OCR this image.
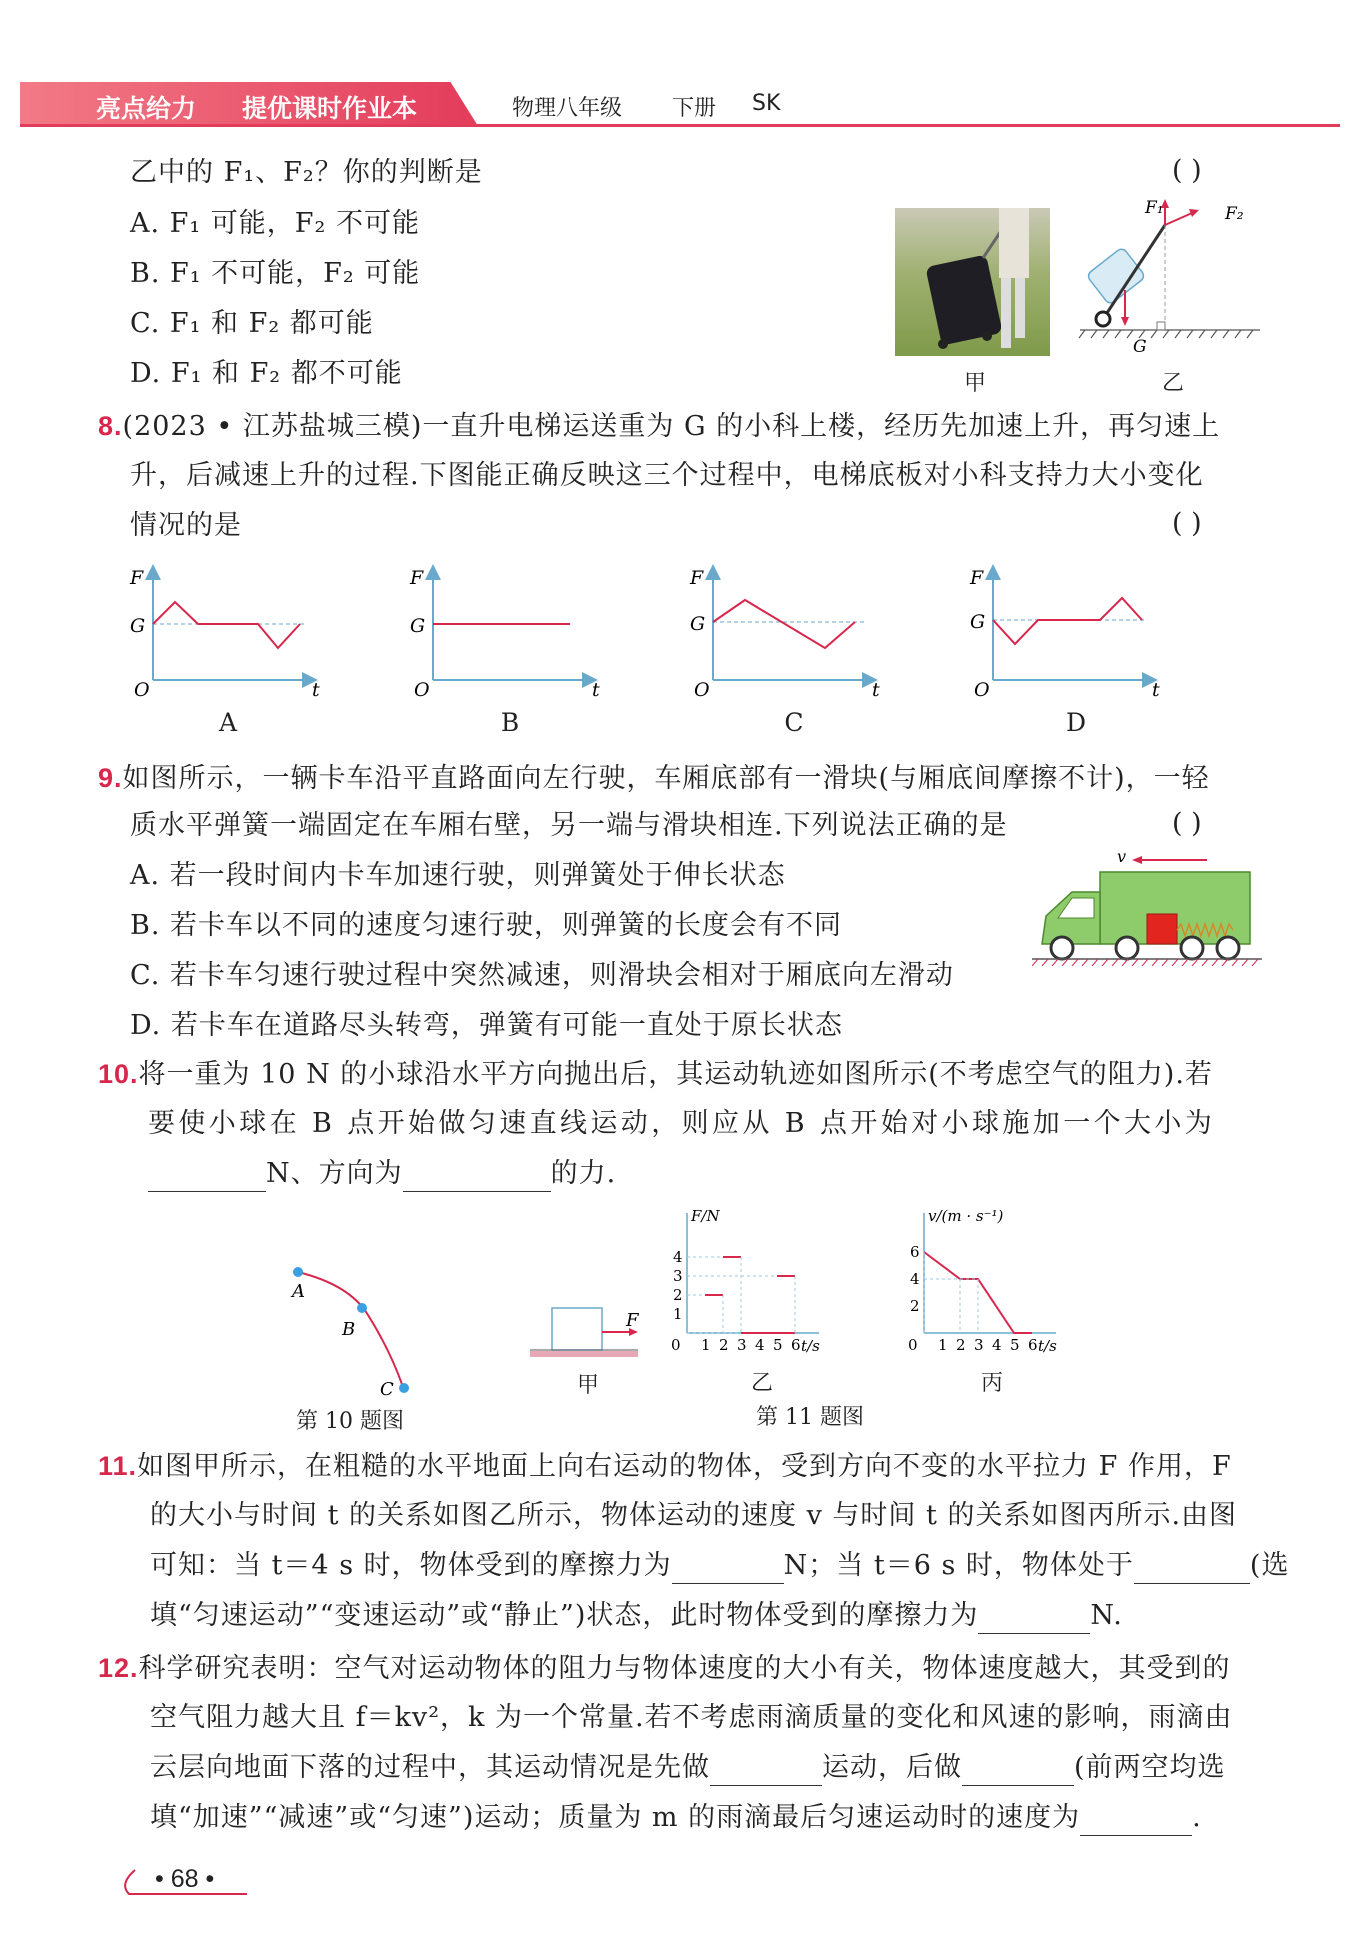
亮点给力 提优课时作业本	物理八年级 下册 SK
乙中的 F₁、F₂？你的判断是	( )
A. F₁ 可能，F₂ 不可能
B. F₁ 不可能，F₂ 可能
C. F₁ 和 F₂ 都可能
D. F₁ 和 F₂ 都不可能	甲
F₁	F₂
G
乙
8.(2023 • 江苏盐城三模)一直升电梯运送重为 G 的小科上楼，经历先加速上升，再匀速上
升，后减速上升的过程.下图能正确反映这三个过程中，电梯底板对小科支持力大小变化
情况的是	( )
F
G
O	t
F
G
O	t
F
G
O	t
F
G
O	t
A	B	C	D
9.如图所示，一辆卡车沿平直路面向左行驶，车厢底部有一滑块(与厢底间摩擦不计)，一轻
质水平弹簧一端固定在车厢右壁，另一端与滑块相连.下列说法正确的是	( )
A. 若一段时间内卡车加速行驶，则弹簧处于伸长状态
B. 若卡车以不同的速度匀速行驶，则弹簧的长度会有不同
C. 若卡车匀速行驶过程中突然减速，则滑块会相对于厢底向左滑动
D. 若卡车在道路尽头转弯，弹簧有可能一直处于原长状态
v
10.将一重为 10 N 的小球沿水平方向抛出后，其运动轨迹如图所示(不考虑空气的阻力).若
要使小球在 B 点开始做匀速直线运动，则应从 B 点开始对小球施加一个大小为
N、方向为	的力.
A
B
C
第 10 题图
F
甲
F/N
t/s
0 1 2 3 4 5 6
1
2
3
4
乙
v/(m · s⁻¹)
t/s
0 1 2 3 4 5 6
2
4
6
丙
第 11 题图
11.如图甲所示，在粗糙的水平地面上向右运动的物体，受到方向不变的水平拉力 F 作用，F
的大小与时间 t 的关系如图乙所示，物体运动的速度 v 与时间 t 的关系如图丙所示.由图
可知：当 t＝4 s 时，物体受到的摩擦力为	N；当 t＝6 s 时，物体处于	(选
填“匀速运动”“变速运动”或“静止”)状态，此时物体受到的摩擦力为	N.
12.科学研究表明：空气对运动物体的阻力与物体速度的大小有关，物体速度越大，其受到的
空气阻力越大且 f＝kv²，k 为一个常量.若不考虑雨滴质量的变化和风速的影响，雨滴由
云层向地面下落的过程中，其运动情况是先做	运动，后做	(前两空均选
填“加速”“减速”或“匀速”)运动；质量为 m 的雨滴最后匀速运动时的速度为	.
• 68 •
